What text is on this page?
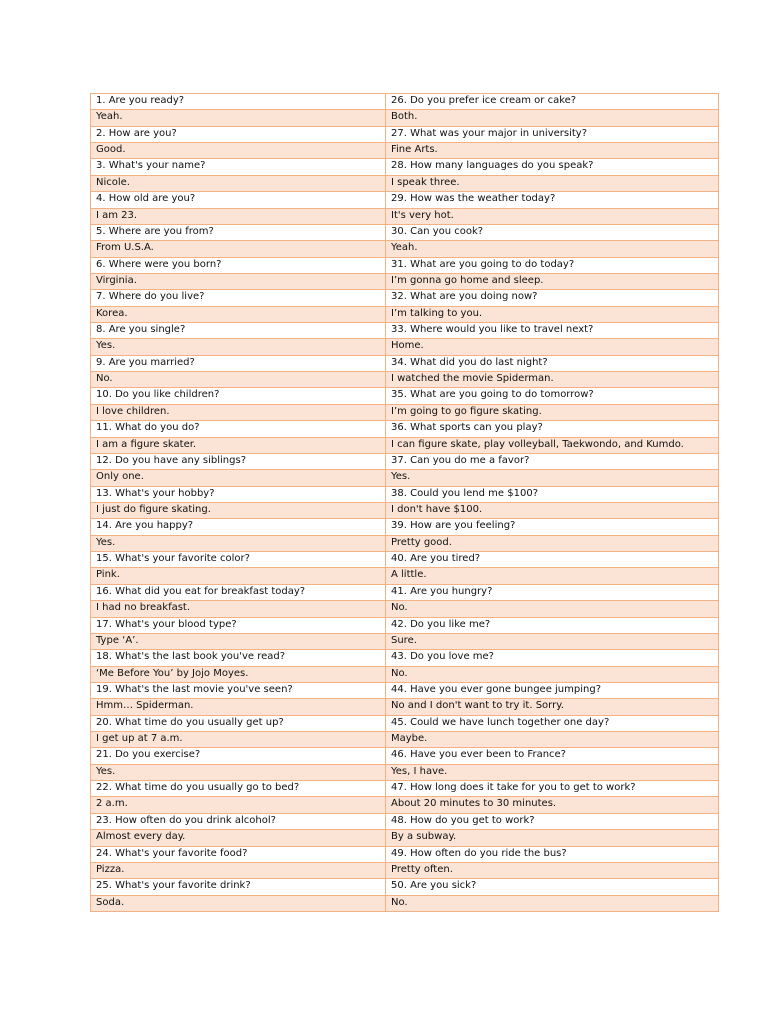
1. Are you ready?	26. Do you prefer ice cream or cake?
Yeah.	Both.
2. How are you?	27. What was your major in university?
Good.	Fine Arts.
3. What's your name?	28. How many languages do you speak?
Nicole.	I speak three.
4. How old are you?	29. How was the weather today?
I am 23.	It's very hot.
5. Where are you from?	30. Can you cook?
From U.S.A.	Yeah.
6. Where were you born?	31. What are you going to do today?
Virginia.	I’m gonna go home and sleep.
7. Where do you live?	32. What are you doing now?
Korea.	I’m talking to you.
8. Are you single?	33. Where would you like to travel next?
Yes.	Home.
9. Are you married?	34. What did you do last night?
No.	I watched the movie Spiderman.
10. Do you like children?	35. What are you going to do tomorrow?
I love children.	I’m going to go figure skating.
11. What do you do?	36. What sports can you play?
I am a figure skater.	I can figure skate, play volleyball, Taekwondo, and Kumdo.
12. Do you have any siblings?	37. Can you do me a favor?
Only one.	Yes.
13. What's your hobby?	38. Could you lend me $100?
I just do figure skating.	I don't have $100.
14. Are you happy?	39. How are you feeling?
Yes.	Pretty good.
15. What's your favorite color?	40. Are you tired?
Pink.	A little.
16. What did you eat for breakfast today?	41. Are you hungry?
I had no breakfast.	No.
17. What's your blood type?	42. Do you like me?
Type ‘A’.	Sure.
18. What's the last book you've read?	43. Do you love me?
‘Me Before You’ by Jojo Moyes.	No.
19. What's the last movie you've seen?	44. Have you ever gone bungee jumping?
Hmm… Spiderman.	No and I don't want to try it. Sorry.
20. What time do you usually get up?	45. Could we have lunch together one day?
I get up at 7 a.m.	Maybe.
21. Do you exercise?	46. Have you ever been to France?
Yes.	Yes, I have.
22. What time do you usually go to bed?	47. How long does it take for you to get to work?
2 a.m.	About 20 minutes to 30 minutes.
23. How often do you drink alcohol?	48. How do you get to work?
Almost every day.	By a subway.
24. What's your favorite food?	49. How often do you ride the bus?
Pizza.	Pretty often.
25. What's your favorite drink?	50. Are you sick?
Soda.	No.
